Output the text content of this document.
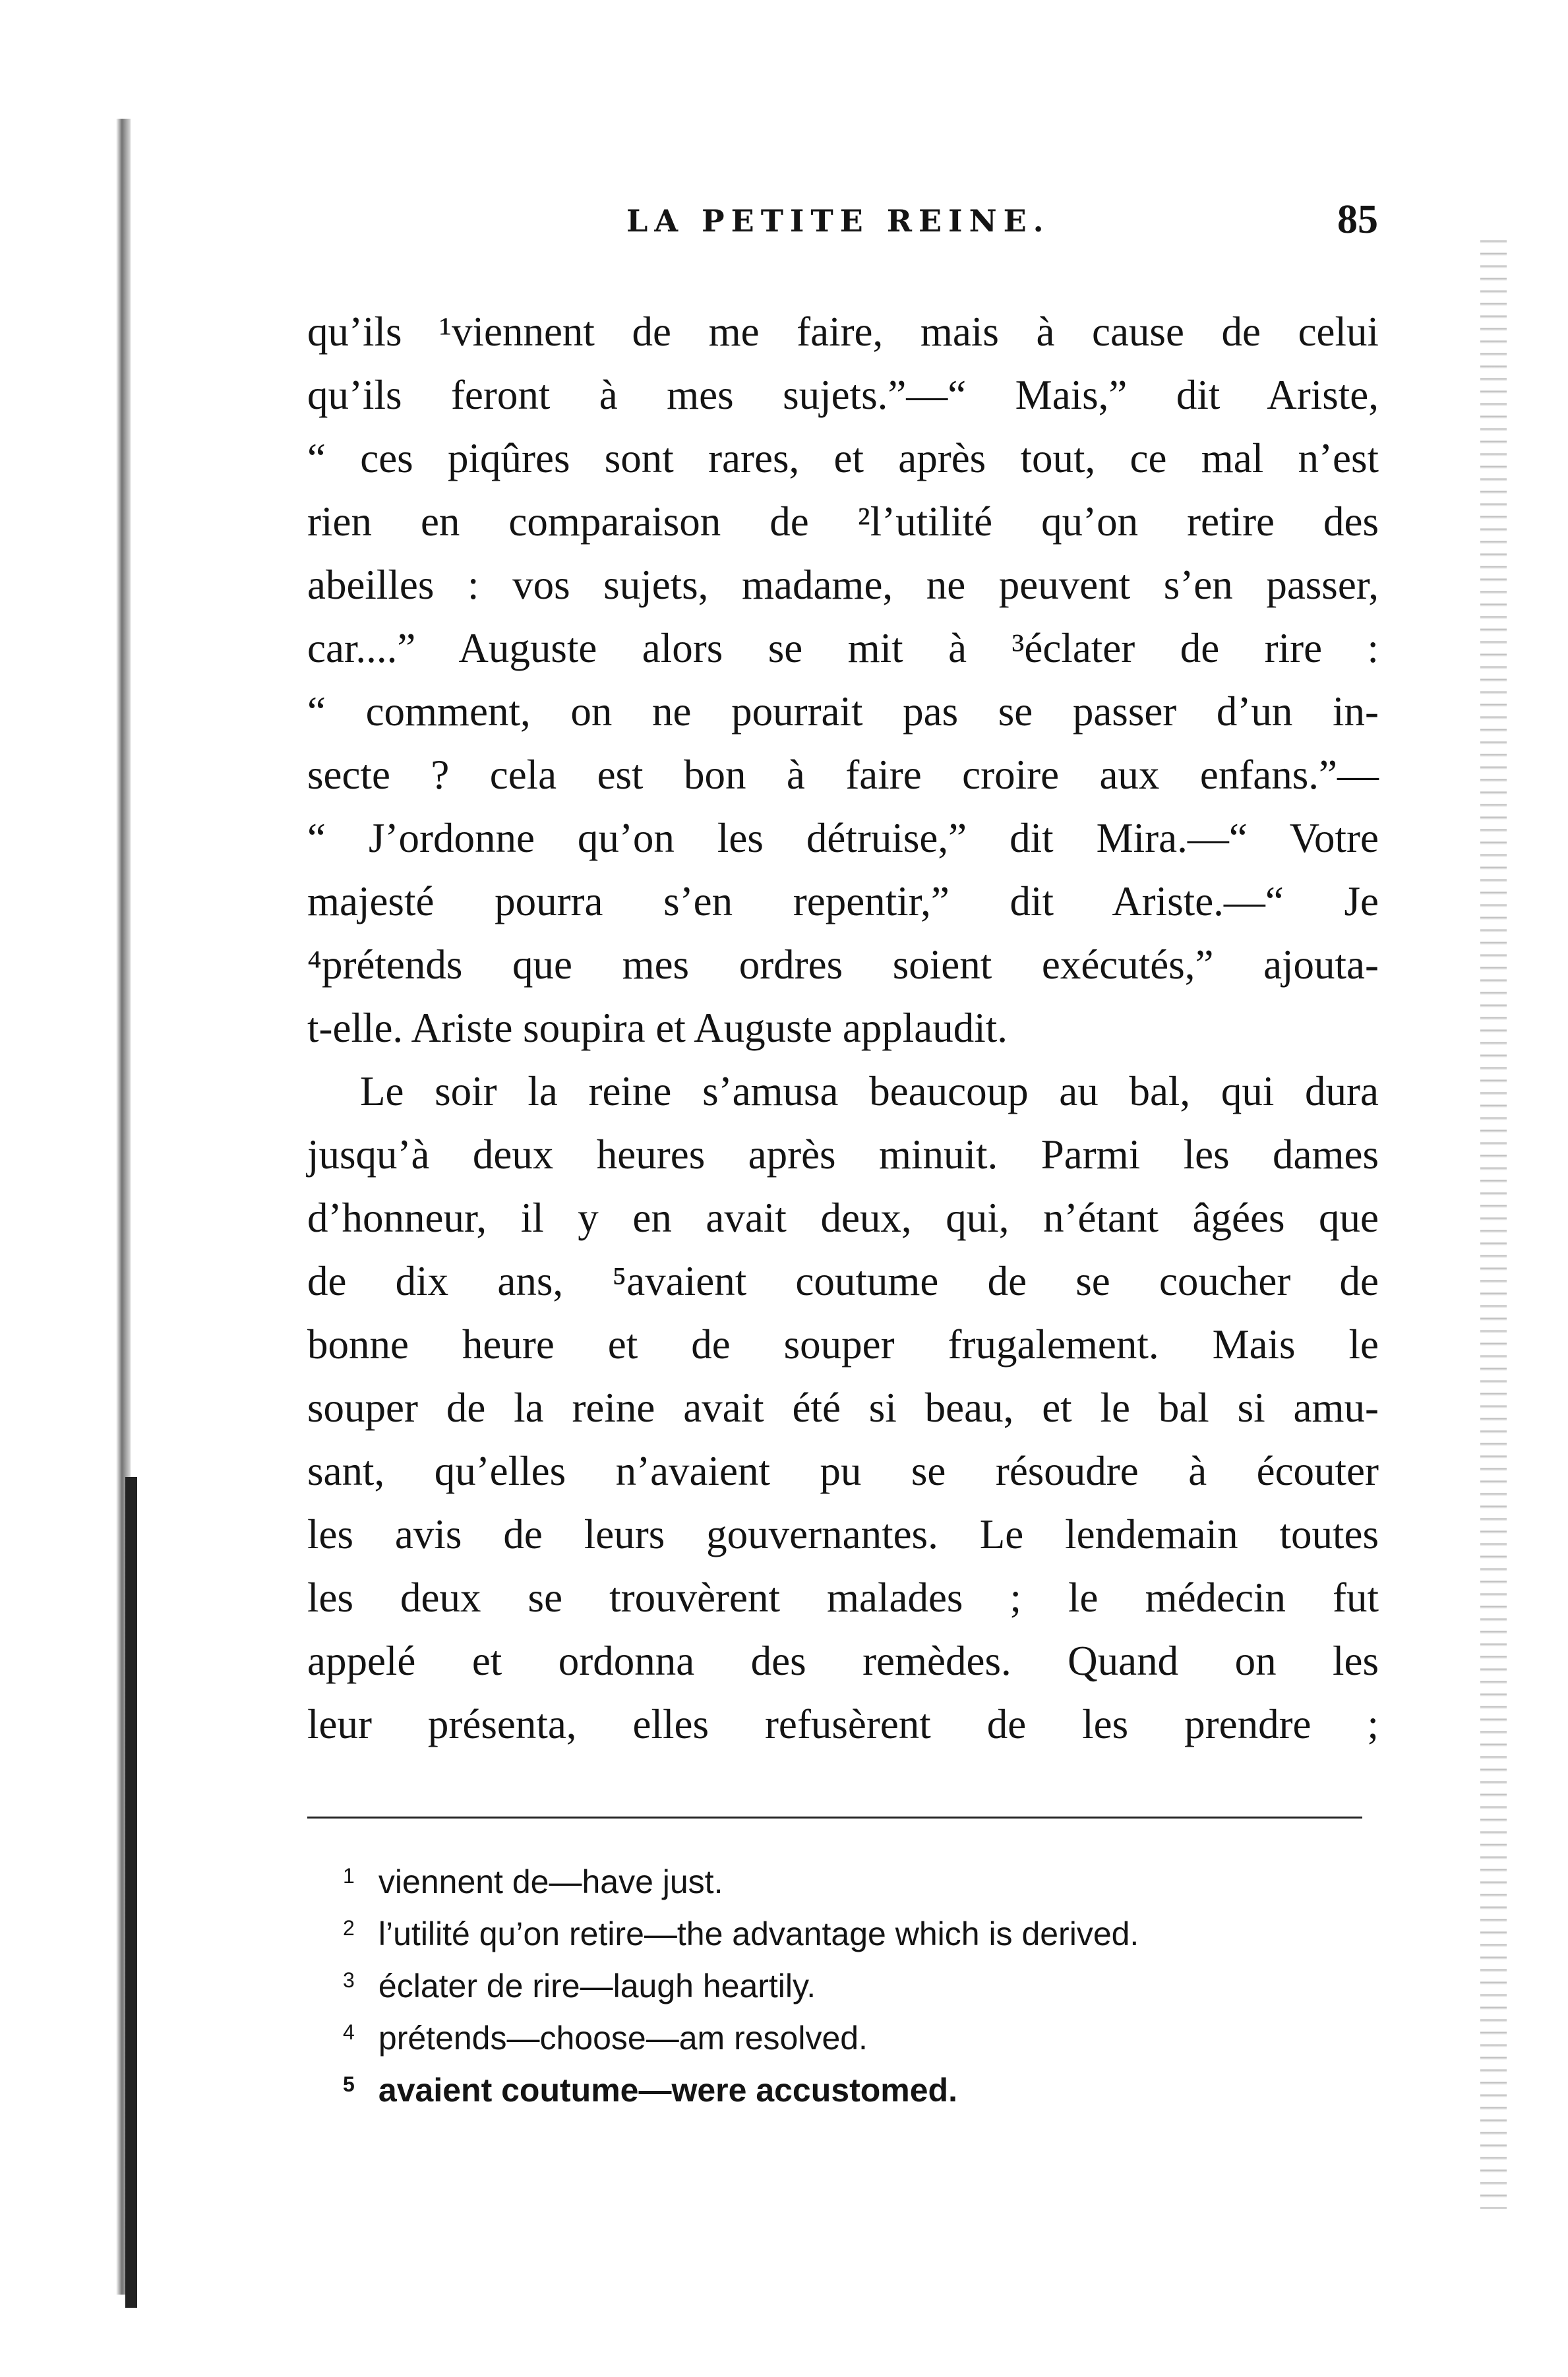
LA PETITE REINE.	85
qu’ils ¹viennent de me faire, mais à cause de celui
qu’ils feront à mes sujets.”—“ Mais,” dit Ariste,
“ ces piqûres sont rares, et après tout, ce mal n’est
rien en comparaison de ²l’utilité qu’on retire des
abeilles : vos sujets, madame, ne peuvent s’en passer,
car....” Auguste alors se mit à ³éclater de rire :
“ comment, on ne pourrait pas se passer d’un in-
secte ? cela est bon à faire croire aux enfans.”—
“ J’ordonne qu’on les détruise,” dit Mira.—“ Votre
majesté pourra s’en repentir,” dit Ariste.—“ Je
⁴prétends que mes ordres soient exécutés,” ajouta-
t-elle. Ariste soupira et Auguste applaudit.
Le soir la reine s’amusa beaucoup au bal, qui dura
jusqu’à deux heures après minuit. Parmi les dames
d’honneur, il y en avait deux, qui, n’étant âgées que
de dix ans, ⁵avaient coutume de se coucher de
bonne heure et de souper frugalement. Mais le
souper de la reine avait été si beau, et le bal si amu-
sant, qu’elles n’avaient pu se résoudre à écouter
les avis de leurs gouvernantes. Le lendemain toutes
les deux se trouvèrent malades ; le médecin fut
appelé et ordonna des remèdes. Quand on les
leur présenta, elles refusèrent de les prendre ;
1 viennent de—have just.
2 l’utilité qu’on retire—the advantage which is derived.
3 éclater de rire—laugh heartily.
4 prétends—choose—am resolved.
5 avaient coutume—were accustomed.
